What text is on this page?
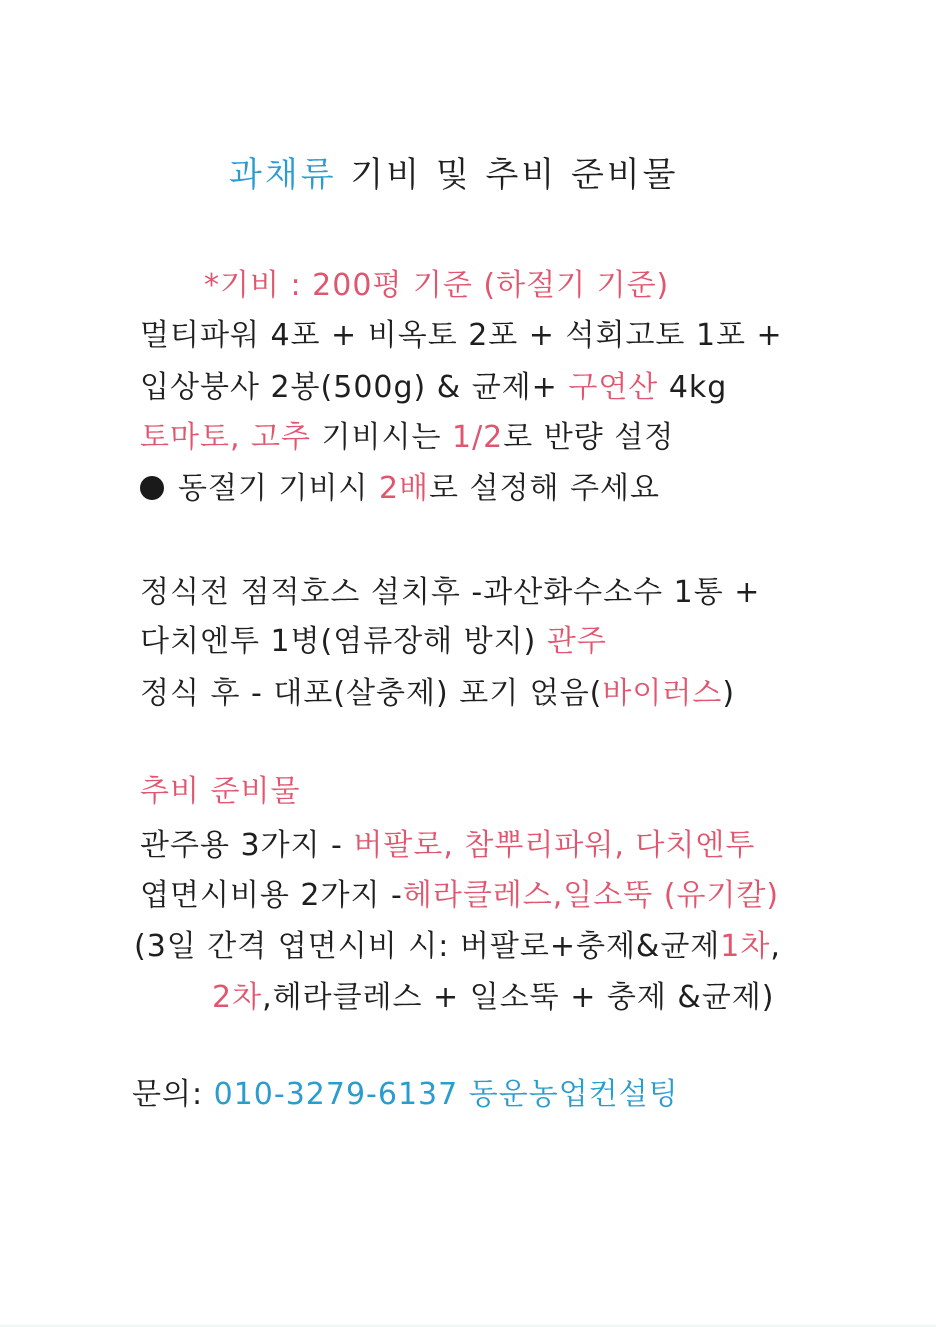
과채류 기비 및 추비 준비물
*기비 : 200평 기준 (하절기 기준)
멀티파워 4포 + 비옥토 2포 + 석회고토 1포 +
입상붕사 2봉(500g) & 균제+ 구연산 4kg
토마토, 고추 기비시는 1/2로 반량 설정
동절기 기비시 2배로 설정해 주세요
정식전 점적호스 설치후 -과산화수소수 1통 +
다치엔투 1병(염류장해 방지) 관주
정식 후 - 대포(살충제) 포기 얹음(바이러스)
추비 준비물
관주용 3가지 - 버팔로, 참뿌리파워, 다치엔투
엽면시비용 2가지 -헤라클레스,일소뚝 (유기칼)
(3일 간격 엽면시비 시: 버팔로+충제&균제1차,
2차,헤라클레스 + 일소뚝 + 충제 &균제)
문의: 010-3279-6137 동운농업컨설팅
